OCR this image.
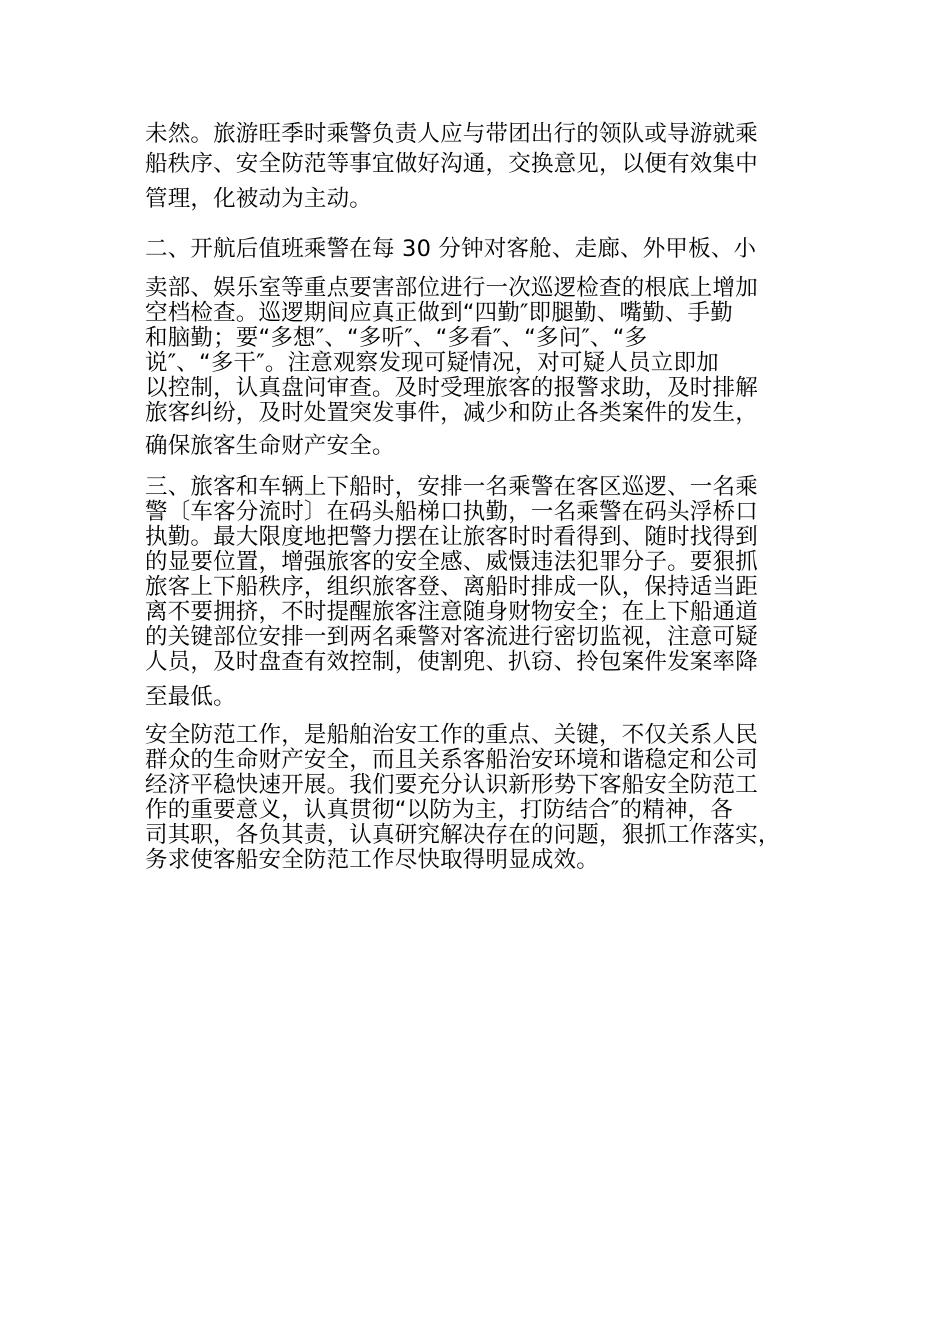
未然。旅游旺季时乘警负责人应与带团出行的领队或导游就乘

船秩序、安全防范等事宜做好沟通，交换意见，以便有效集中

管理，化被动为主动。

二、开航后值班乘警在每 30 分钟对客舱、走廊、外甲板、小

卖部、娱乐室等重点要害部位进行一次巡逻检查的根底上增加

空档检查。巡逻期间应真正做到“四勤″即腿勤、嘴勤、手勤

和脑勤；要“多想″、“多听″、“多看″、“多问″、“多

说″、“多干″。注意观察发现可疑情况，对可疑人员立即加

以控制，认真盘问审查。及时受理旅客的报警求助，及时排解

旅客纠纷，及时处置突发事件，减少和防止各类案件的发生，

确保旅客生命财产安全。

三、旅客和车辆上下船时，安排一名乘警在客区巡逻、一名乘

警〔车客分流时〕在码头船梯口执勤，一名乘警在码头浮桥口

执勤。最大限度地把警力摆在让旅客时时看得到、随时找得到

的显要位置，增强旅客的安全感、威慑违法犯罪分子。要狠抓

旅客上下船秩序，组织旅客登、离船时排成一队，保持适当距

离不要拥挤，不时提醒旅客注意随身财物安全；在上下船通道

的关键部位安排一到两名乘警对客流进行密切监视，注意可疑

人员，及时盘查有效控制，使割兜、扒窃、拎包案件发案率降

至最低。

安全防范工作，是船舶治安工作的重点、关键，不仅关系人民

群众的生命财产安全，而且关系客船治安环境和谐稳定和公司

经济平稳快速开展。我们要充分认识新形势下客船安全防范工

作的重要意义，认真贯彻“以防为主，打防结合″的精神，各

司其职，各负其责，认真研究解决存在的问题，狠抓工作落实，

务求使客船安全防范工作尽快取得明显成效。
